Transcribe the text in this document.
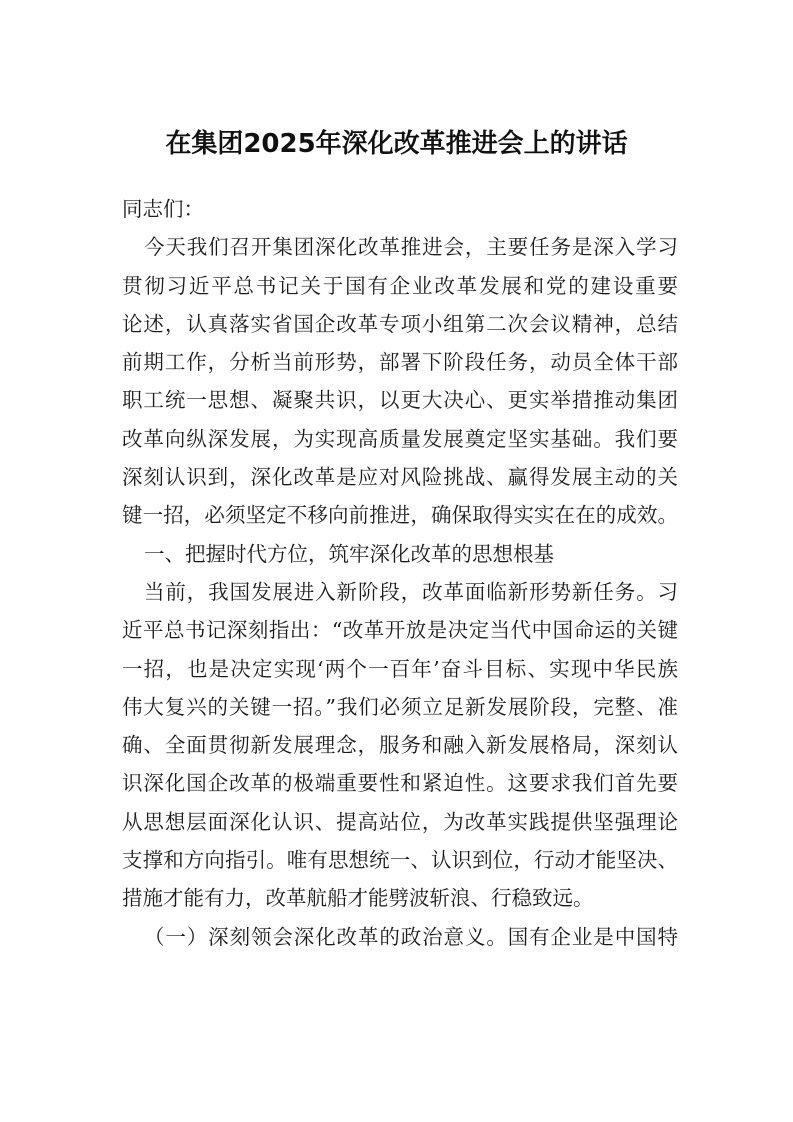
在集团2025年深化改革推进会上的讲话
同志们：
今天我们召开集团深化改革推进会，主要任务是深入学习
贯彻习近平总书记关于国有企业改革发展和党的建设重要
论述，认真落实省国企改革专项小组第二次会议精神，总结
前期工作，分析当前形势，部署下阶段任务，动员全体干部
职工统一思想、凝聚共识，以更大决心、更实举措推动集团
改革向纵深发展，为实现高质量发展奠定坚实基础。我们要
深刻认识到，深化改革是应对风险挑战、赢得发展主动的关
键一招，必须坚定不移向前推进，确保取得实实在在的成效。
一、把握时代方位，筑牢深化改革的思想根基
当前，我国发展进入新阶段，改革面临新形势新任务。习
近平总书记深刻指出：“改革开放是决定当代中国命运的关键
一招，也是决定实现‘两个一百年’奋斗目标、实现中华民族
伟大复兴的关键一招。”我们必须立足新发展阶段，完整、准
确、全面贯彻新发展理念，服务和融入新发展格局，深刻认
识深化国企改革的极端重要性和紧迫性。这要求我们首先要
从思想层面深化认识、提高站位，为改革实践提供坚强理论
支撑和方向指引。唯有思想统一、认识到位，行动才能坚决、
措施才能有力，改革航船才能劈波斩浪、行稳致远。
（一）深刻领会深化改革的政治意义。国有企业是中国特
